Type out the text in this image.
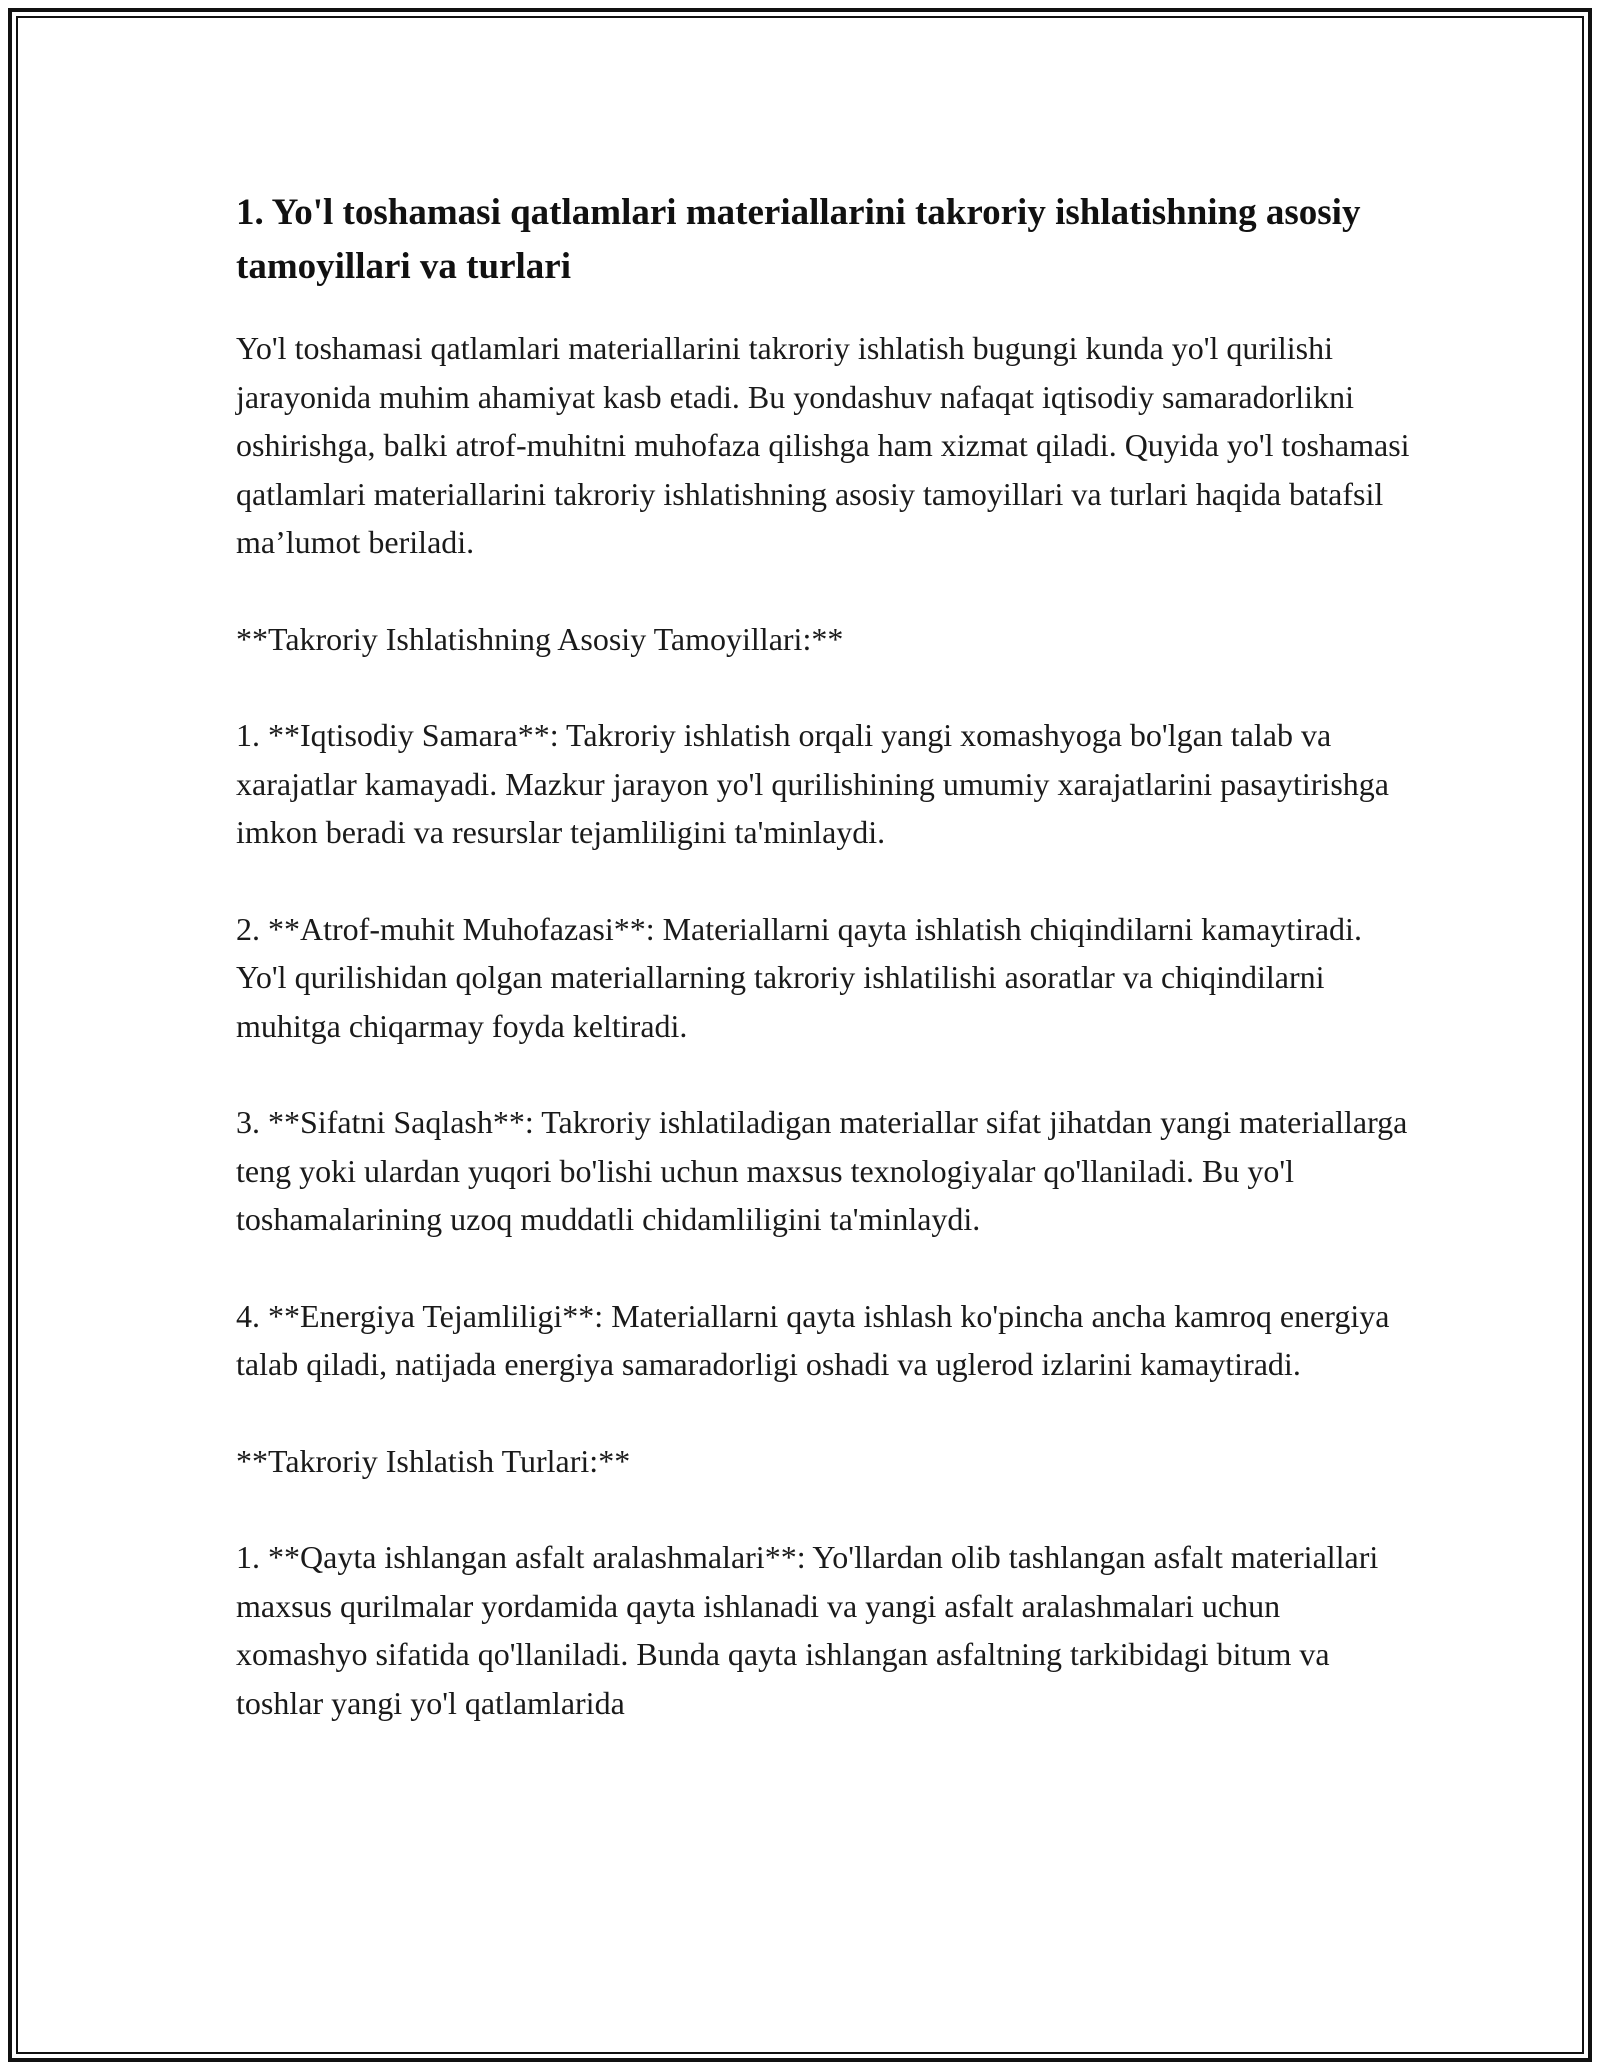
1. Yo'l toshamasi qatlamlari materiallarini takroriy ishlatishning asosiy tamoyillari va turlari

Yo'l toshamasi qatlamlari materiallarini takroriy ishlatish bugungi kunda yo'l qurilishi jarayonida muhim ahamiyat kasb etadi. Bu yondashuv nafaqat iqtisodiy samaradorlikni oshirishga, balki atrof-muhitni muhofaza qilishga ham xizmat qiladi. Quyida yo'l toshamasi qatlamlari materiallarini takroriy ishlatishning asosiy tamoyillari va turlari haqida batafsil ma’lumot beriladi.

**Takroriy Ishlatishning Asosiy Tamoyillari:**

1. **Iqtisodiy Samara**: Takroriy ishlatish orqali yangi xomashyoga bo'lgan talab va xarajatlar kamayadi. Mazkur jarayon yo'l qurilishining umumiy xarajatlarini pasaytirishga imkon beradi va resurslar tejamliligini ta'minlaydi.

2. **Atrof-muhit Muhofazasi**: Materiallarni qayta ishlatish chiqindilarni kamaytiradi. Yo'l qurilishidan qolgan materiallarning takroriy ishlatilishi asoratlar va chiqindilarni muhitga chiqarmay foyda keltiradi.

3. **Sifatni Saqlash**: Takroriy ishlatiladigan materiallar sifat jihatdan yangi materiallarga teng yoki ulardan yuqori bo'lishi uchun maxsus texnologiyalar qo'llaniladi. Bu yo'l toshamalarining uzoq muddatli chidamliligini ta'minlaydi.

4. **Energiya Tejamliligi**: Materiallarni qayta ishlash ko'pincha ancha kamroq energiya talab qiladi, natijada energiya samaradorligi oshadi va uglerod izlarini kamaytiradi.

**Takroriy Ishlatish Turlari:**

1. **Qayta ishlangan asfalt aralashmalari**: Yo'llardan olib tashlangan asfalt materiallari maxsus qurilmalar yordamida qayta ishlanadi va yangi asfalt aralashmalari uchun xomashyo sifatida qo'llaniladi. Bunda qayta ishlangan asfaltning tarkibidagi bitum va toshlar yangi yo'l qatlamlarida
